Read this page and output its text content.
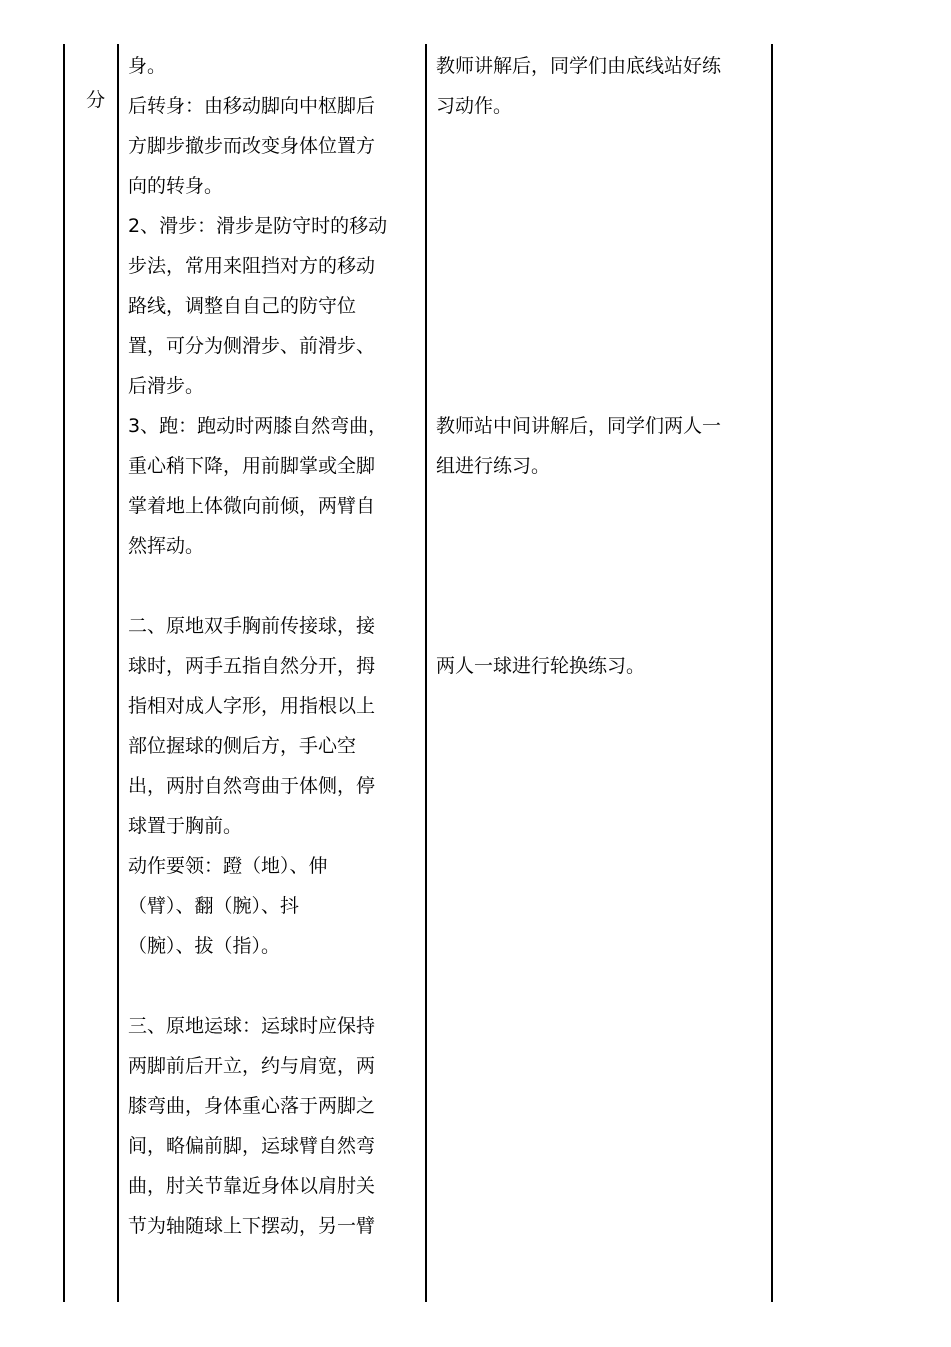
分

身。
后转身：由移动脚向中枢脚后
方脚步撤步而改变身体位置方
向的转身。
2、滑步：滑步是防守时的移动
步法，常用来阻挡对方的移动
路线，调整自自己的防守位
置，可分为侧滑步、前滑步、
后滑步。
3、跑：跑动时两膝自然弯曲，
重心稍下降，用前脚掌或全脚
掌着地上体微向前倾，两臂自
然挥动。
二、原地双手胸前传接球，接
球时，两手五指自然分开，拇
指相对成人字形，用指根以上
部位握球的侧后方，手心空
出，两肘自然弯曲于体侧，停
球置于胸前。
动作要领：蹬（地）、伸
（臂）、翻（腕）、抖
（腕）、拔（指）。
三、原地运球：运球时应保持
两脚前后开立，约与肩宽，两
膝弯曲，身体重心落于两脚之
间，略偏前脚，运球臂自然弯
曲，肘关节靠近身体以肩肘关
节为轴随球上下摆动，另一臂
教师讲解后，同学们由底线站好练
习动作。
教师站中间讲解后，同学们两人一
组进行练习。
两人一球进行轮换练习。
